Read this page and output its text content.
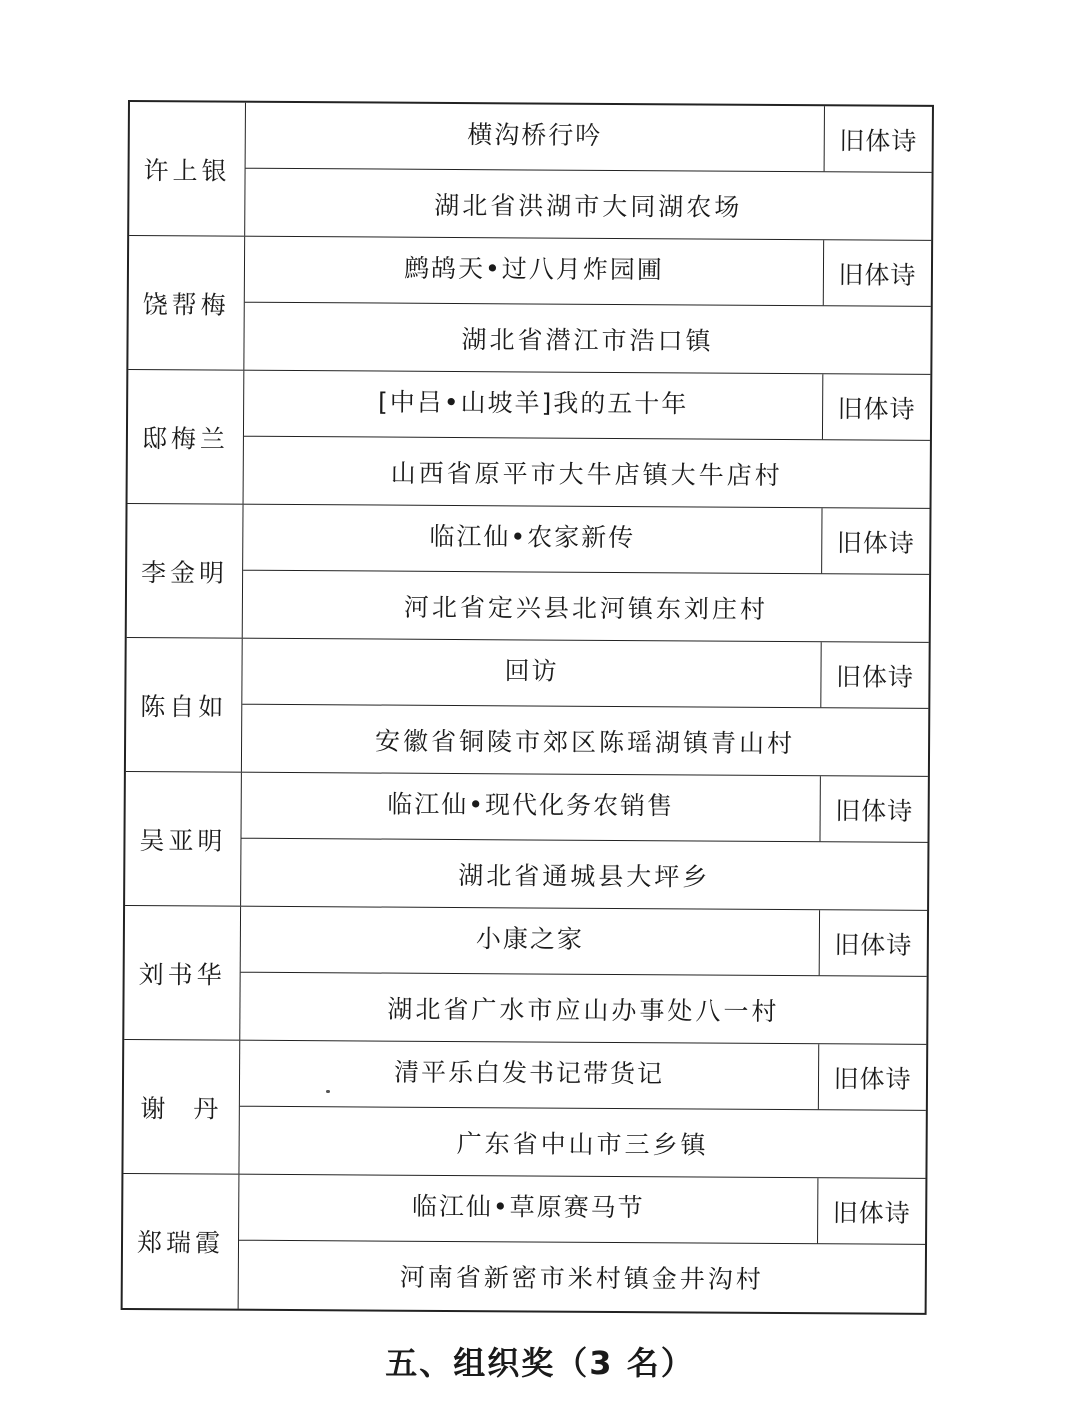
许上银
横沟桥行吟	旧体诗
湖北省洪湖市大同湖农场
饶帮梅
鹧鸪天•过八月炸园圃	旧体诗
湖北省潜江市浩口镇
邸梅兰
[中吕•山坡羊]我的五十年	旧体诗
山西省原平市大牛店镇大牛店村
李金明
临江仙•农家新传	旧体诗
河北省定兴县北河镇东刘庄村
陈自如
回访	旧体诗
安徽省铜陵市郊区陈瑶湖镇青山村
吴亚明
临江仙•现代化务农销售	旧体诗
湖北省通城县大坪乡
刘书华
小康之家	旧体诗
湖北省广水市应山办事处八一村
谢  丹
清平乐白发书记带货记	旧体诗
广东省中山市三乡镇
郑瑞霞
临江仙•草原赛马节	旧体诗
河南省新密市米村镇金井沟村
五、组织奖（3 名）
